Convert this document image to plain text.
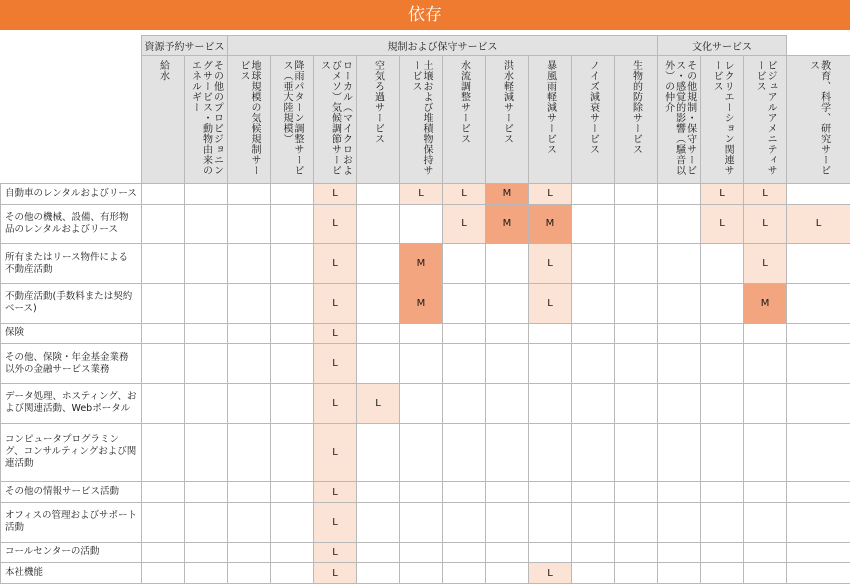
依存
	資源予約サービス		規制および保守サービス										文化サービス			

	給水	その他のプロビジョニングサービス・動物由来のエネルギー	地球規模の気候規制サービス	降雨パターン調整サービス（亜大陸規模）	ローカル（マイクロおよびメソ）気候調節サービス	空気ろ過サービス	土壌および堆積物保持サービス	水流調整サービス	洪水軽減サービス	暴風雨軽減サービス	ノイズ減衰サービス	生物的防除サービス	その他規制・保守サービス・感覚的影響（騒音以外）の仲介	レクリエーション関連サービス	ビジュアルアメニティサービス	教育、科学、研究サービス

自動車のレンタルおよびリース					L		L	L	M	L				L	L	
その他の機械、設備、有形物品のレンタルおよびリース					L			L	M	M				L	L	L
所有またはリース物件による不動産活動					L		M			L					L	
不動産活動(手数料または契約ベース)					L		M			L					M	
保険					L											
その他、保険・年金基金業務以外の金融サービス業務					L											
データ処理、ホスティング、および関連活動、Webポータル					L	L										
コンピュータプログラミング、コンサルティングおよび関連活動					L											
その他の情報サービス活動					L											
オフィスの管理およびサポート活動					L											
コールセンターの活動					L											
本社機能					L					L						
